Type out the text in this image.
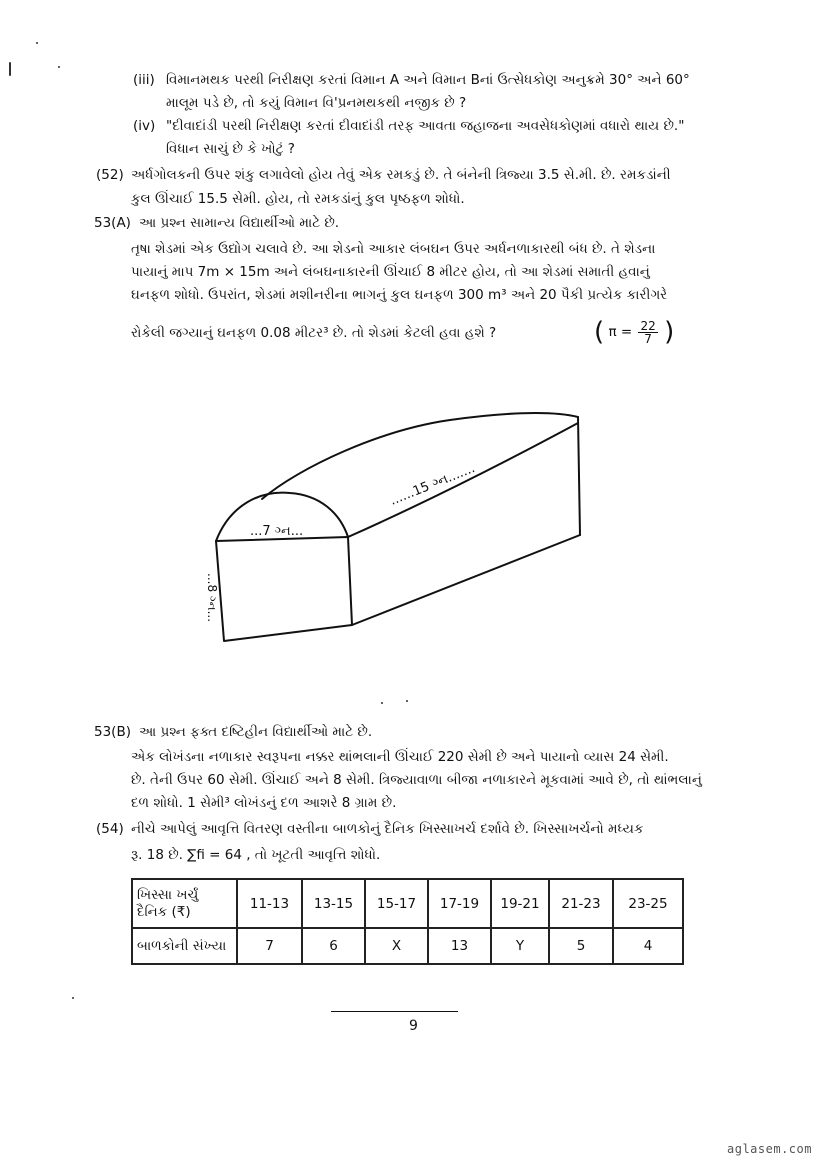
(iii) વિમાનમથક પરથી નિરીક્ષણ કરતાં વિમાન A અને વિમાન Bનાં ઉત્સેધકોણ અનુક્રમે 30° અને 60°
માલૂમ પડે છે, તો કયું વિમાન વિ'પ્રનમથકથી નજીક છે ?
(iv) "દીવાદાંડી પરથી નિરીક્ષણ કરતાં દીવાદાંડી તરફ આવતા જહાજના અવસેધકોણમાં વધારો થાય છે."
વિધાન સાચું છે કે ખોટું ?
(52) અર્ધગોલકની ઉપર શંકુ લગાવેલો હોય તેવું એક રમકડું છે. તે બંનેની ત્રિજ્યા 3.5 સે.મી. છે. રમકડાંની
કુલ ઊંચાઈ 15.5 સેમી. હોય, તો રમકડાંનું કુલ પૃષ્ઠફળ શોધો.
53(A) આ પ્રશ્ન સામાન્ય વિદ્યાર્થીઓ માટે છે.
તૃષા શેડમાં એક ઉદ્યોગ ચલાવે છે. આ શેડનો આકાર લંબઘન ઉપર અર્ધનળાકારથી બંધ છે. તે શેડના
પાયાનું માપ 7m × 15m અને લંબઘનાકારની ઊંચાઈ 8 મીટર હોય, તો આ શેડમાં સમાતી હવાનું
ઘનફળ શોધો. ઉપરાંત, શેડમાં મશીનરીના ભાગનું કુલ ઘનફળ 300 m³ અને 20 પૈકી પ્રત્યેક કારીગરે
રોકેલી જગ્યાનું ઘનફળ 0.08 મીટર³ છે. તો શેડમાં કેટલી હવા હશે ?	( $\pi = \frac{22}{7}$ )
...7 ગ્ન...
......15 ગ્ન.......
...8 ગ્ન...
53(B) આ પ્રશ્ન ફક્ત દષ્ટિહીન વિદ્યાર્થીઓ માટે છે.
એક લોખંડના નળાકાર સ્વરૂપના નક્કર થાંભલાની ઊંચાઈ 220 સેમી છે અને પાયાનો વ્યાસ 24 સેમી.
છે. તેની ઉપર 60 સેમી. ઊંચાઈ અને 8 સેમી. ત્રિજ્યાવાળા બીજા નળાકારને મૂકવામાં આવે છે, તો થાંભલાનું
દળ શોધો. 1 સેમી³ લોખંડનું દળ આશરે 8 ગ્રામ છે.
(54) નીચે આપેલું આવૃત્તિ વિતરણ વસ્તીના બાળકોનું દૈનિક ખિસ્સાખર્ચ દર્શાવે છે. ખિસ્સાખર્ચનો મધ્યક
રૂ. 18 છે. ∑fi = 64 , તો ખૂટતી આવૃત્તિ શોધો.
ખિસ્સા ખર્ચું
દૈનિક (₹)	11-13	13-15	15-17	17-19	19-21	21-23	23-25
બાળકોની સંખ્યા	7	6	X	13	Y	5	4
9
aglasem.com
